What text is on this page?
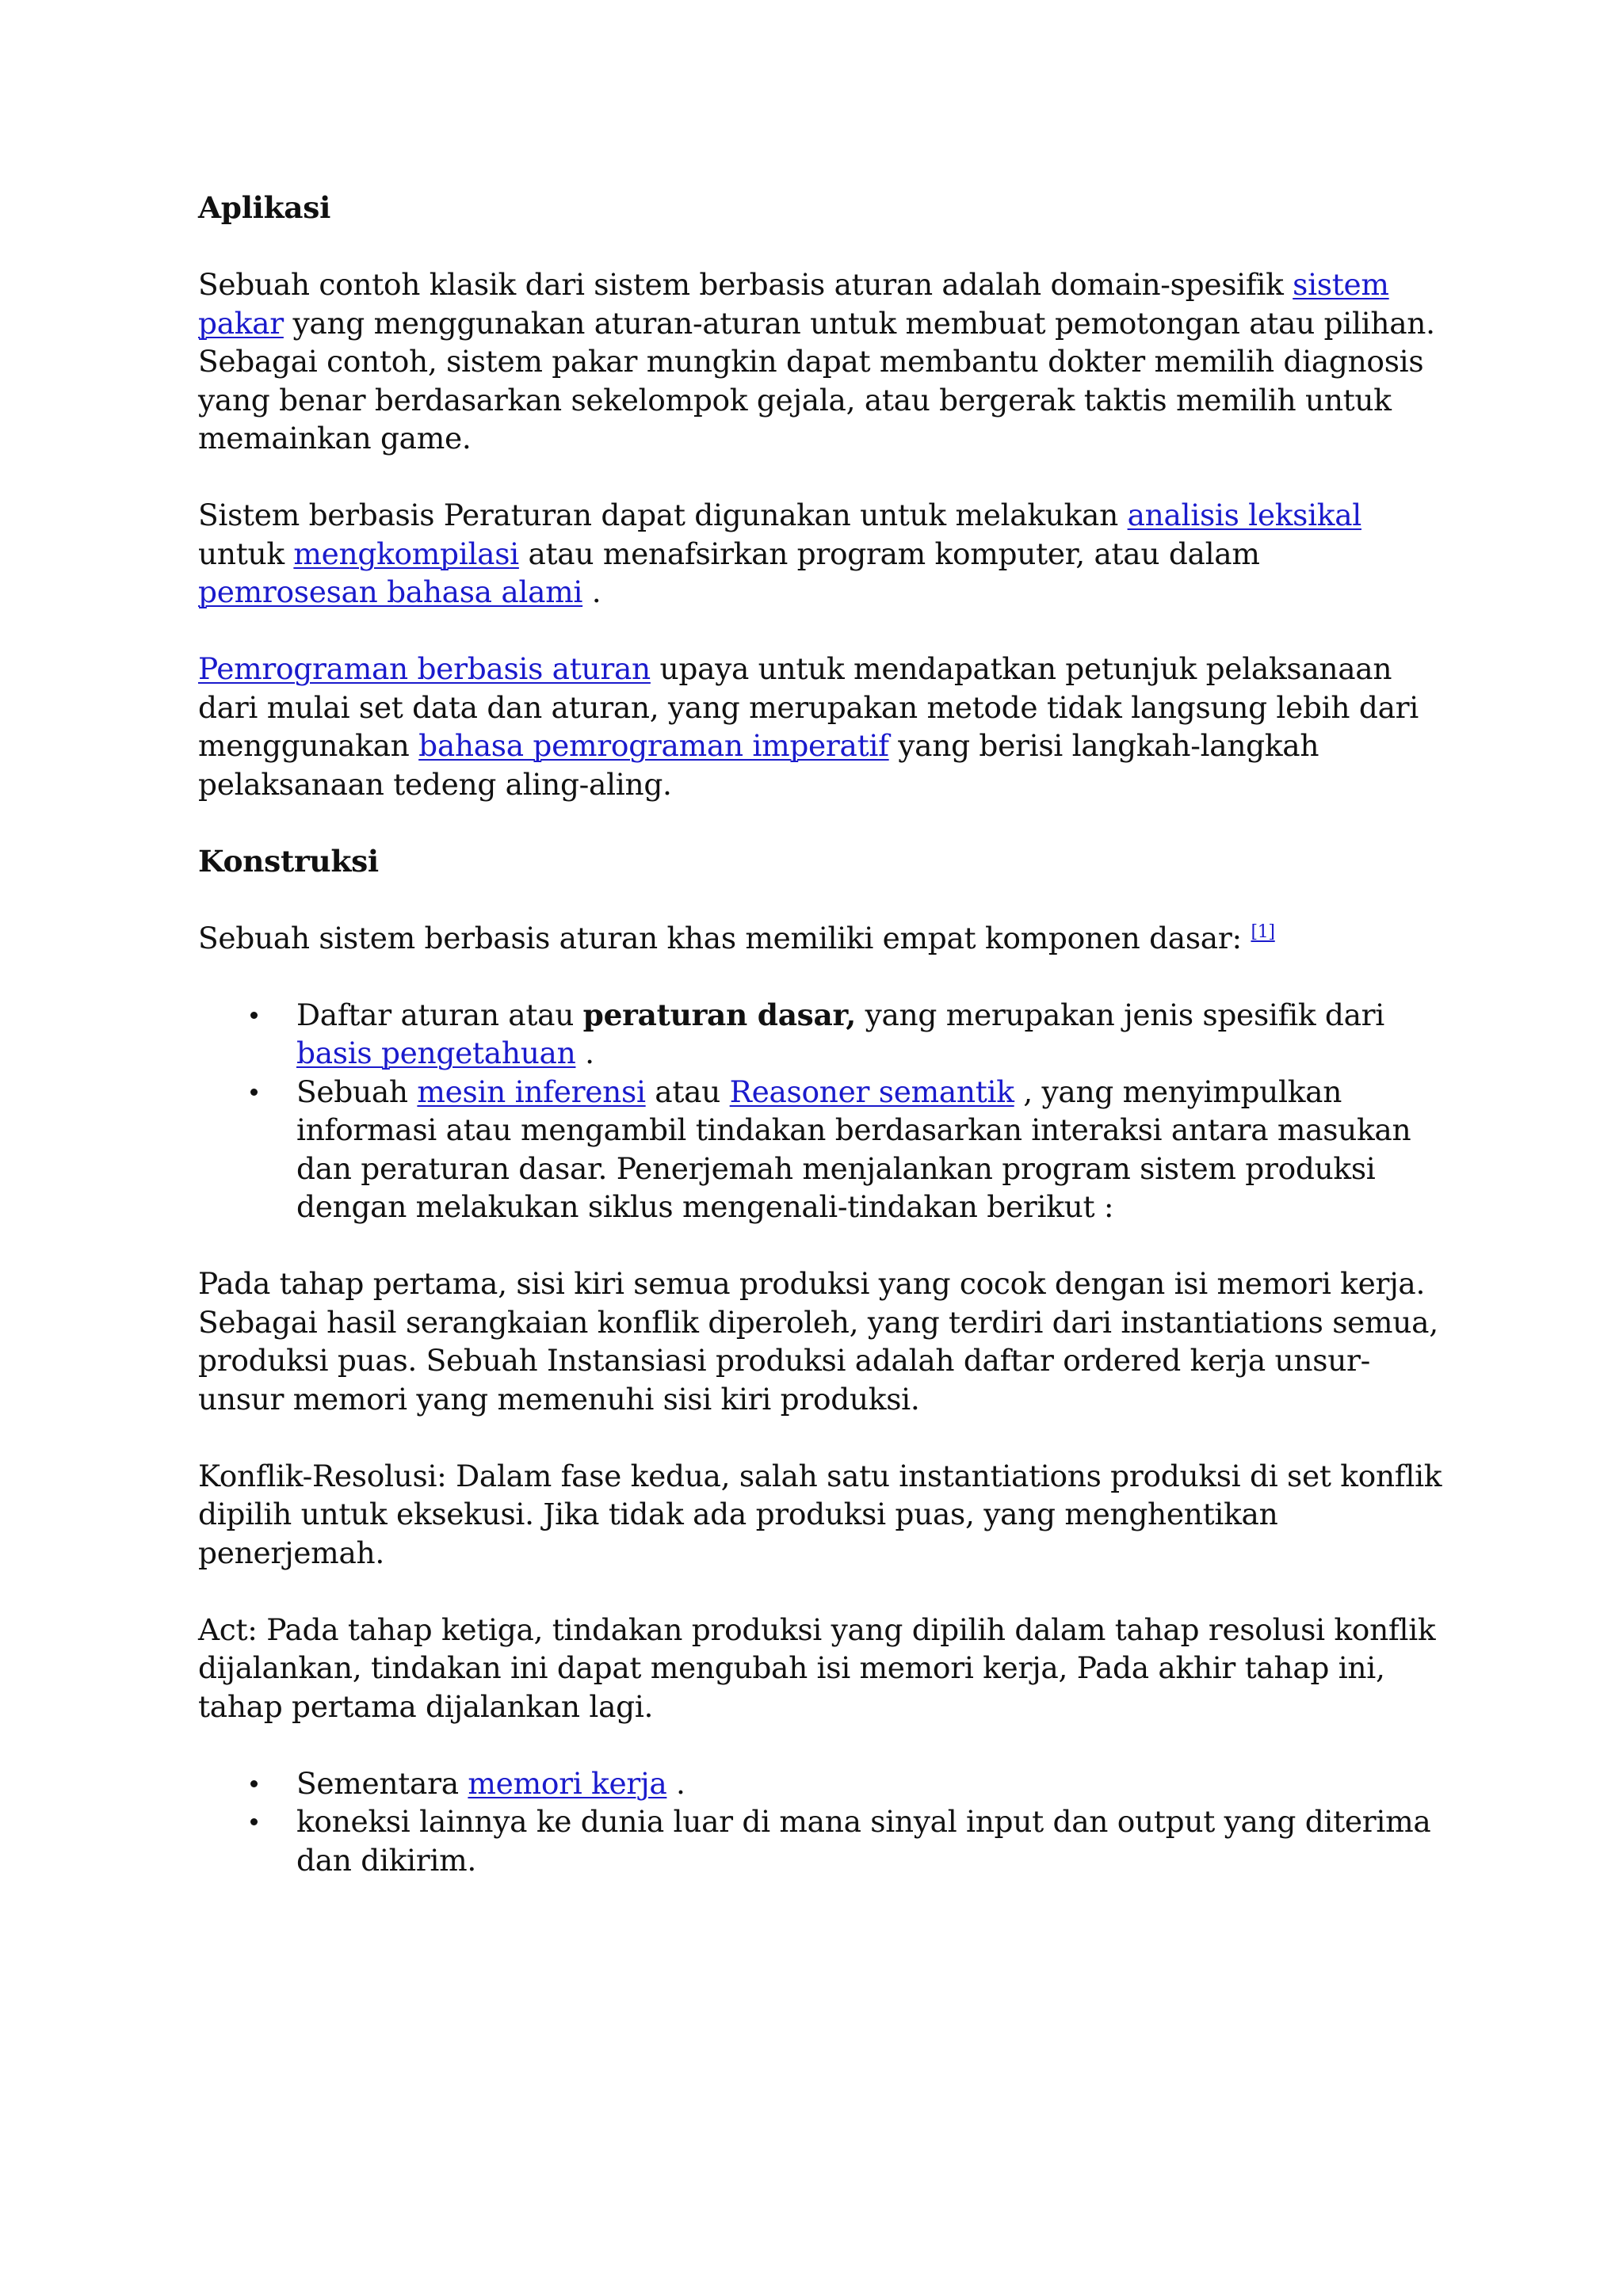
Aplikasi

Sebuah contoh klasik dari sistem berbasis aturan adalah domain-spesifik sistem pakar yang menggunakan aturan-aturan untuk membuat pemotongan atau pilihan. Sebagai contoh, sistem pakar mungkin dapat membantu dokter memilih diagnosis yang benar berdasarkan sekelompok gejala, atau bergerak taktis memilih untuk memainkan game.

Sistem berbasis Peraturan dapat digunakan untuk melakukan analisis leksikal untuk mengkompilasi atau menafsirkan program komputer, atau dalam pemrosesan bahasa alami .

Pemrograman berbasis aturan upaya untuk mendapatkan petunjuk pelaksanaan dari mulai set data dan aturan, yang merupakan metode tidak langsung lebih dari menggunakan bahasa pemrograman imperatif yang berisi langkah-langkah pelaksanaan tedeng aling-aling.

Konstruksi

Sebuah sistem berbasis aturan khas memiliki empat komponen dasar: [1]

Daftar aturan atau peraturan dasar, yang merupakan jenis spesifik dari basis pengetahuan .
Sebuah mesin inferensi atau Reasoner semantik , yang menyimpulkan informasi atau mengambil tindakan berdasarkan interaksi antara masukan dan peraturan dasar. Penerjemah menjalankan program sistem produksi dengan melakukan siklus mengenali-tindakan berikut :

Pada tahap pertama, sisi kiri semua produksi yang cocok dengan isi memori kerja. Sebagai hasil serangkaian konflik diperoleh, yang terdiri dari instantiations semua, produksi puas. Sebuah Instansiasi produksi adalah daftar ordered kerja unsur-unsur memori yang memenuhi sisi kiri produksi.

Konflik-Resolusi: Dalam fase kedua, salah satu instantiations produksi di set konflik dipilih untuk eksekusi. Jika tidak ada produksi puas, yang menghentikan penerjemah.

Act: Pada tahap ketiga, tindakan produksi yang dipilih dalam tahap resolusi konflik dijalankan, tindakan ini dapat mengubah isi memori kerja, Pada akhir tahap ini, tahap pertama dijalankan lagi.

Sementara memori kerja .
koneksi lainnya ke dunia luar di mana sinyal input dan output yang diterima dan dikirim.
